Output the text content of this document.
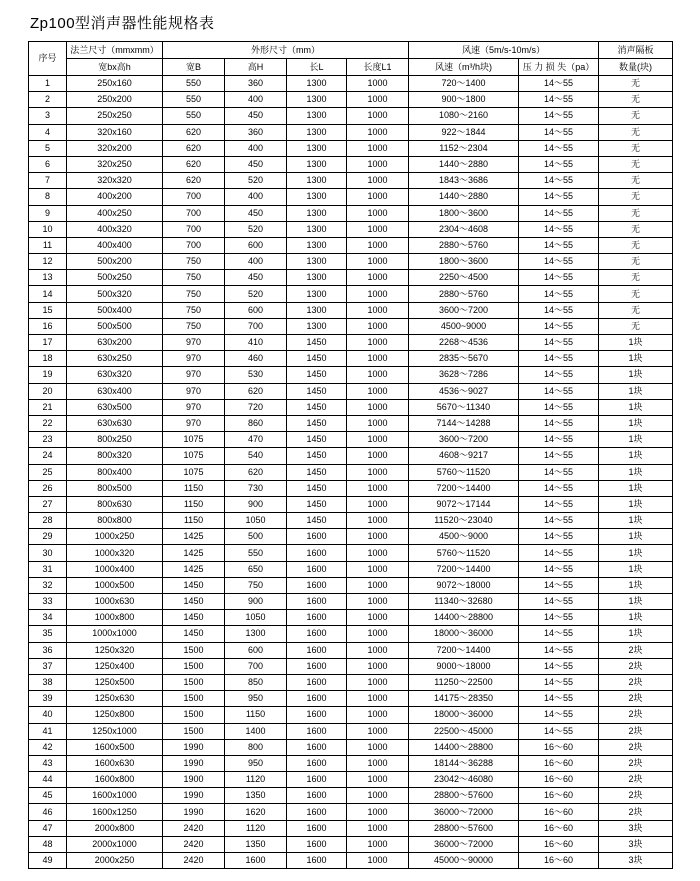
Zp100型消声器性能规格表
序号	法兰尺寸（mmxmm）	外形尺寸（mm）				风速（5m/s-10m/s）		消声隔板
	宽bx高h	宽B	高H	长L	长度L1	风速（m³/h块)	压 力 损 失（pa）	数量(块)
1	250x160	550	360	1300	1000	720～1400	14～55	无
2	250x200	550	400	1300	1000	900～1800	14～55	无
3	250x250	550	450	1300	1000	1080～2160	14～55	无
4	320x160	620	360	1300	1000	922～1844	14～55	无
5	320x200	620	400	1300	1000	1152～2304	14～55	无
6	320x250	620	450	1300	1000	1440～2880	14～55	无
7	320x320	620	520	1300	1000	1843～3686	14～55	无
8	400x200	700	400	1300	1000	1440～2880	14～55	无
9	400x250	700	450	1300	1000	1800～3600	14～55	无
10	400x320	700	520	1300	1000	2304～4608	14～55	无
11	400x400	700	600	1300	1000	2880～5760	14～55	无
12	500x200	750	400	1300	1000	1800～3600	14～55	无
13	500x250	750	450	1300	1000	2250～4500	14～55	无
14	500x320	750	520	1300	1000	2880～5760	14～55	无
15	500x400	750	600	1300	1000	3600～7200	14～55	无
16	500x500	750	700	1300	1000	4500~9000	14～55	无
17	630x200	970	410	1450	1000	2268～4536	14～55	1块
18	630x250	970	460	1450	1000	2835～5670	14～55	1块
19	630x320	970	530	1450	1000	3628～7286	14～55	1块
20	630x400	970	620	1450	1000	4536～9027	14～55	1块
21	630x500	970	720	1450	1000	5670～11340	14～55	1块
22	630x630	970	860	1450	1000	7144～14288	14～55	1块
23	800x250	1075	470	1450	1000	3600～7200	14～55	1块
24	800x320	1075	540	1450	1000	4608～9217	14～55	1块
25	800x400	1075	620	1450	1000	5760～11520	14～55	1块
26	800x500	1150	730	1450	1000	7200～14400	14～55	1块
27	800x630	1150	900	1450	1000	9072～17144	14～55	1块
28	800x800	1150	1050	1450	1000	11520～23040	14～55	1块
29	1000x250	1425	500	1600	1000	4500～9000	14～55	1块
30	1000x320	1425	550	1600	1000	5760～11520	14～55	1块
31	1000x400	1425	650	1600	1000	7200～14400	14～55	1块
32	1000x500	1450	750	1600	1000	9072～18000	14～55	1块
33	1000x630	1450	900	1600	1000	11340～32680	14～55	1块
34	1000x800	1450	1050	1600	1000	14400～28800	14～55	1块
35	1000x1000	1450	1300	1600	1000	18000～36000	14～55	1块
36	1250x320	1500	600	1600	1000	7200～14400	14～55	2块
37	1250x400	1500	700	1600	1000	9000～18000	14～55	2块
38	1250x500	1500	850	1600	1000	11250～22500	14～55	2块
39	1250x630	1500	950	1600	1000	14175～28350	14～55	2块
40	1250x800	1500	1150	1600	1000	18000～36000	14～55	2块
41	1250x1000	1500	1400	1600	1000	22500～45000	14～55	2块
42	1600x500	1990	800	1600	1000	14400～28800	16～60	2块
43	1600x630	1990	950	1600	1000	18144～36288	16～60	2块
44	1600x800	1900	1120	1600	1000	23042～46080	16～60	2块
45	1600x1000	1990	1350	1600	1000	28800～57600	16～60	2块
46	1600x1250	1990	1620	1600	1000	36000～72000	16～60	2块
47	2000x800	2420	1120	1600	1000	28800～57600	16～60	3块
48	2000x1000	2420	1350	1600	1000	36000～72000	16～60	3块
49	2000x250	2420	1600	1600	1000	45000～90000	16～60	3块
